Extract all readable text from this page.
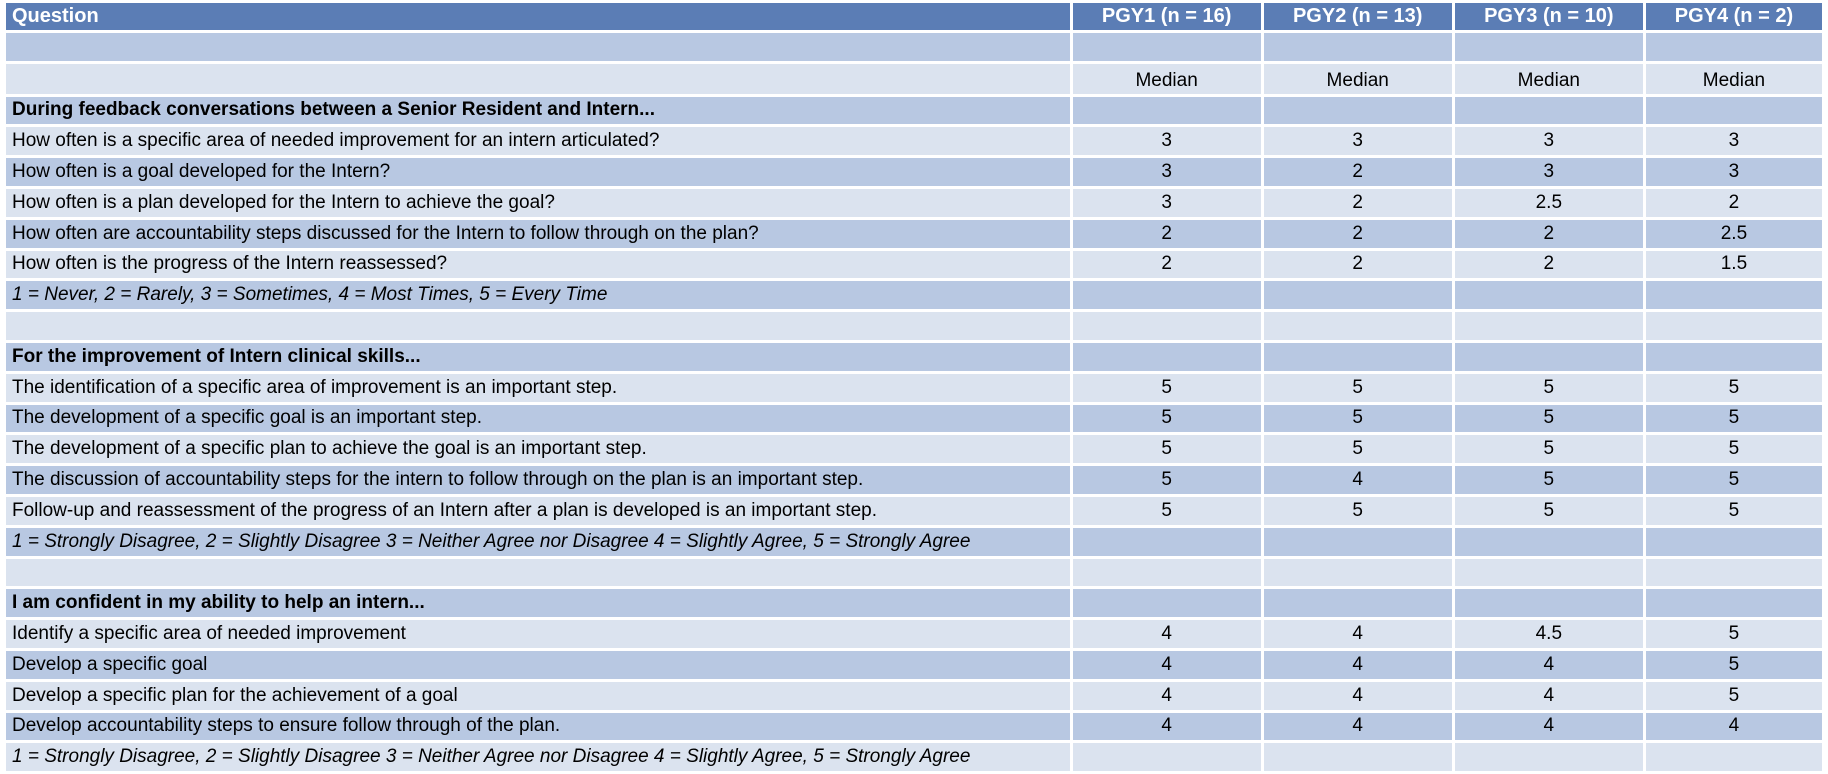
Question	PGY1 (n = 16)	PGY2 (n = 13)	PGY3 (n = 10)	PGY4 (n = 2)

	Median	Median	Median	Median
During feedback conversations between a Senior Resident and Intern...				
How often is a specific area of needed improvement for an intern articulated?	3	3	3	3
How often is a goal developed for the Intern?	3	2	3	3
How often is a plan developed for the Intern to achieve the goal?	3	2	2.5	2
How often are accountability steps discussed for the Intern to follow through on the plan?	2	2	2	2.5
How often is the progress of the Intern reassessed?	2	2	2	1.5
1 = Never, 2 = Rarely, 3 = Sometimes, 4 = Most Times, 5 = Every Time				

For the improvement of Intern clinical skills...				
The identification of a specific area of improvement is an important step.	5	5	5	5
The development of a specific goal is an important step.	5	5	5	5
The development of a specific plan to achieve the goal is an important step.	5	5	5	5
The discussion of accountability steps for the intern to follow through on the plan is an important step.	5	4	5	5
Follow-up and reassessment of the progress of an Intern after a plan is developed is an important step.	5	5	5	5
1 = Strongly Disagree, 2 = Slightly Disagree 3 = Neither Agree nor Disagree 4 = Slightly Agree, 5 = Strongly Agree				

I am confident in my ability to help an intern...				
Identify a specific area of needed improvement	4	4	4.5	5
Develop a specific goal	4	4	4	5
Develop a specific plan for the achievement of a goal	4	4	4	5
Develop accountability steps to ensure follow through of the plan.	4	4	4	4
1 = Strongly Disagree, 2 = Slightly Disagree 3 = Neither Agree nor Disagree 4 = Slightly Agree, 5 = Strongly Agree				
